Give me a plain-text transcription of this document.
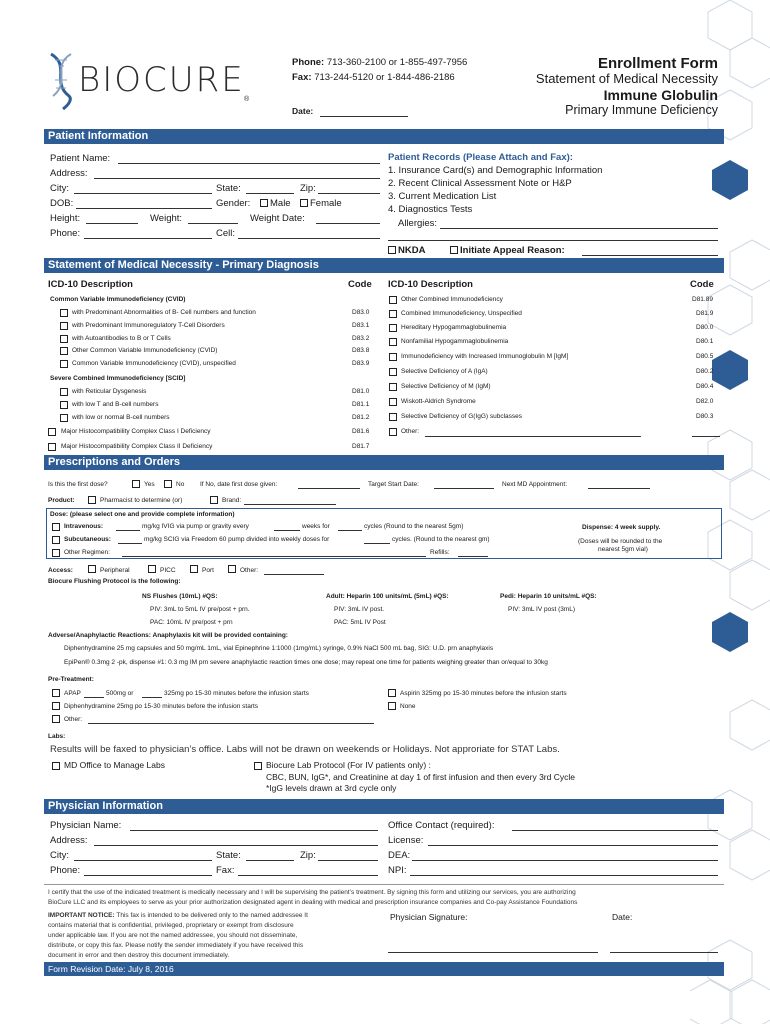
BIOCURE ®
Phone: 713-360-2100 or 1-855-497-7956
Fax: 713-244-5120 or 1-844-486-2186
Date:
Enrollment Form
Statement of Medical Necessity
Immune Globulin
Primary Immune Deficiency
Patient Information
Patient Name:
Address:
City:	State:	Zip:
DOB:	Gender: Male Female
Height:	Weight:	Weight Date:
Phone:	Cell:
Patient Records (Please Attach and Fax):
1. Insurance Card(s) and Demographic Information
2. Recent Clinical Assessment Note or H&P
3. Current Medication List
4. Diagnostics Tests
Allergies:
NKDA	Initiate Appeal Reason:
Statement of Medical Necessity - Primary Diagnosis
ICD-10 Description	Code ICD-10 Description	Code
Common Variable Immunodeficiency (CVID)
with Predominant Abnormalities of B- Cell numbers and function	D83.0
with Predominant Immunoregulatory T-Cell Disorders	D83.1
with Autoantibodies to B or T Cells	D83.2
Other Common Variable Immunodeficiency (CVID)	D83.8
Common Variable Immunodeficiency (CVID), unspecified	D83.9
Severe Combined Immunodeficiency [SCID]
with Reticular Dysgenesis	D81.0
with low T and B-cell numbers	D81.1
with low or normal B-cell numbers	D81.2
Major Histocompatibility Complex Class I Deficiency	D81.6
Major Histocompatibility Complex Class II Deficiency	D81.7
Other Combined Immunodeficiency	D81.89
Combined Immunodeficiency, Unspecified	D81.9
Hereditary Hypogammaglobulinemia	D80.0
Nonfamilial Hypogammaglobulinemia	D80.1
Immunodeficiency with Increased Immunoglobulin M [IgM]	D80.5
Selective Deficiency of A (IgA)	D80.2
Selective Deficiency of M (IgM)	D80.4
Wiskott-Aldrich Syndrome	D82.0
Selective Deficiency of G(IgG) subclasses	D80.3
Other:
Prescriptions and Orders
Is this the first dose?	Yes	No If No, date first dose given:	Target Start Date:	Next MD Appointment:
Product:	Pharmacist to determine (or)	Brand:
Dose: (please select one and provide complete information)
Intravenous:	mg/kg IVIG via pump or gravity every	weeks for	cycles (Round to the nearest 5gm)
Subcutaneous:	mg/kg SCIG via Freedom 60 pump divided into weekly doses for	cycles. (Round to the nearest gm)
Other Regimen:	Refills:
Dispense: 4 week supply.
(Doses will be rounded to the
nearest 5gm vial)
Access:	Peripheral	PICC	Port	Other:
Biocure Flushing Protocol is the following:
NS Flushes (10mL) #QS:
PIV: 3mL to 5mL IV pre/post + prn.
PAC: 10mL IV pre/post + prn
Adult: Heparin 100 units/mL (5mL) #QS:
PIV: 3mL IV post.
PAC: 5mL IV Post
Pedi: Heparin 10 units/mL #QS:
PIV: 3mL IV post (3mL)
Adverse/Anaphylactic Reactions: Anaphylaxis kit will be provided containing:
Diphenhydramine 25 mg capsules and 50 mg/mL 1mL, vial Epinephrine 1:1000 (1mg/mL) syringe, 0.9% NaCl 500 mL bag, SIG: U.D. prn anaphylaxis
EpiPen® 0.3mg 2 -pk, dispense #1: 0.3 mg IM prn severe anaphylactic reaction times one dose; may repeat one time for patients weighing greater than or/equal to 30kg
Pre-Treatment:
APAP	500mg or	325mg po 15-30 minutes before the infusion starts
Diphenhydramine 25mg po 15-30 minutes before the infusion starts
Other:
Aspirin 325mg po 15-30 minutes before the infusion starts
None
Labs:
Results will be faxed to physician’s office. Labs will not be drawn on weekends or Holidays. Not approriate for STAT Labs.
MD Office to Manage Labs	Biocure Lab Protocol (For IV patients only) :
CBC, BUN, IgG*, and Creatinine at day 1 of first infusion and then every 3rd Cycle
*IgG levels drawn at 3rd cycle only
Physician Information
Physician Name:
Address:
City:	State:	Zip:
Phone:	Fax:
Office Contact (required):
License:
DEA:
NPI:
I certify that the use of the indicated treatment is medically necessary and I will be supervising the patient’s treatment. By signing this form and utilizing our services, you are authorizing
BioCure LLC and its employees to serve as your prior authorization designated agent in dealing with medical and prescription insurance companies and Co-pay Assistance Foundations
IMPORTANT NOTICE: This fax is intended to be delivered only to the named addressee It
contains material that is confidential, privileged, proprietary or exempt from disclosure
under applicable law. If you are not the named addressee, you should not disseminate,
distribute, or copy this fax. Please notify the sender immediately if you have received this
document in error and then destroy this document immediately.
Physician Signature:	Date:
Form Revision Date: July 8, 2016
